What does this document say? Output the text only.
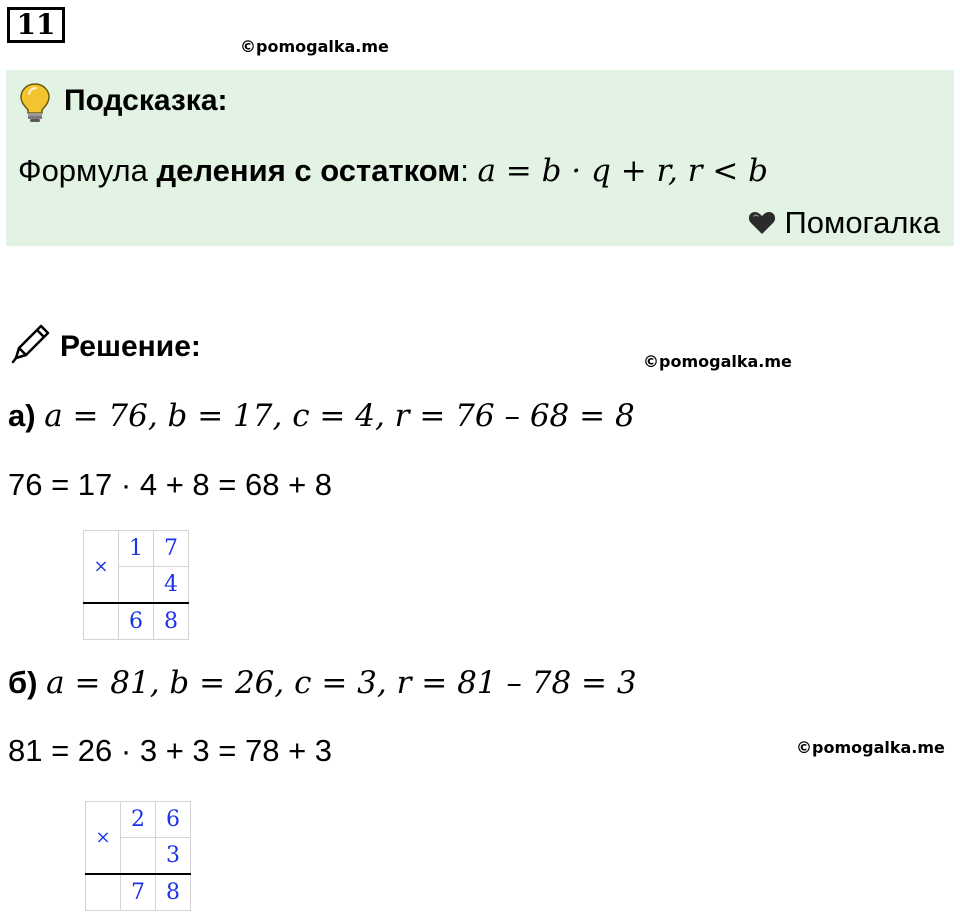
11
©pomogalka.me
©pomogalka.me
©pomogalka.me
Подсказка:
Формула деления с остатком: a = b · q + r, r < b
Помогалка
Решение:
а) a = 76, b = 17, c = 4, r = 76 – 68 = 8
76 = 17 · 4 + 8 = 68 + 8
×	1	7
		4
	6	8
б) a = 81, b = 26, c = 3, r = 81 – 78 = 3
81 = 26 · 3 + 3 = 78 + 3
×	2	6
		3
	7	8
